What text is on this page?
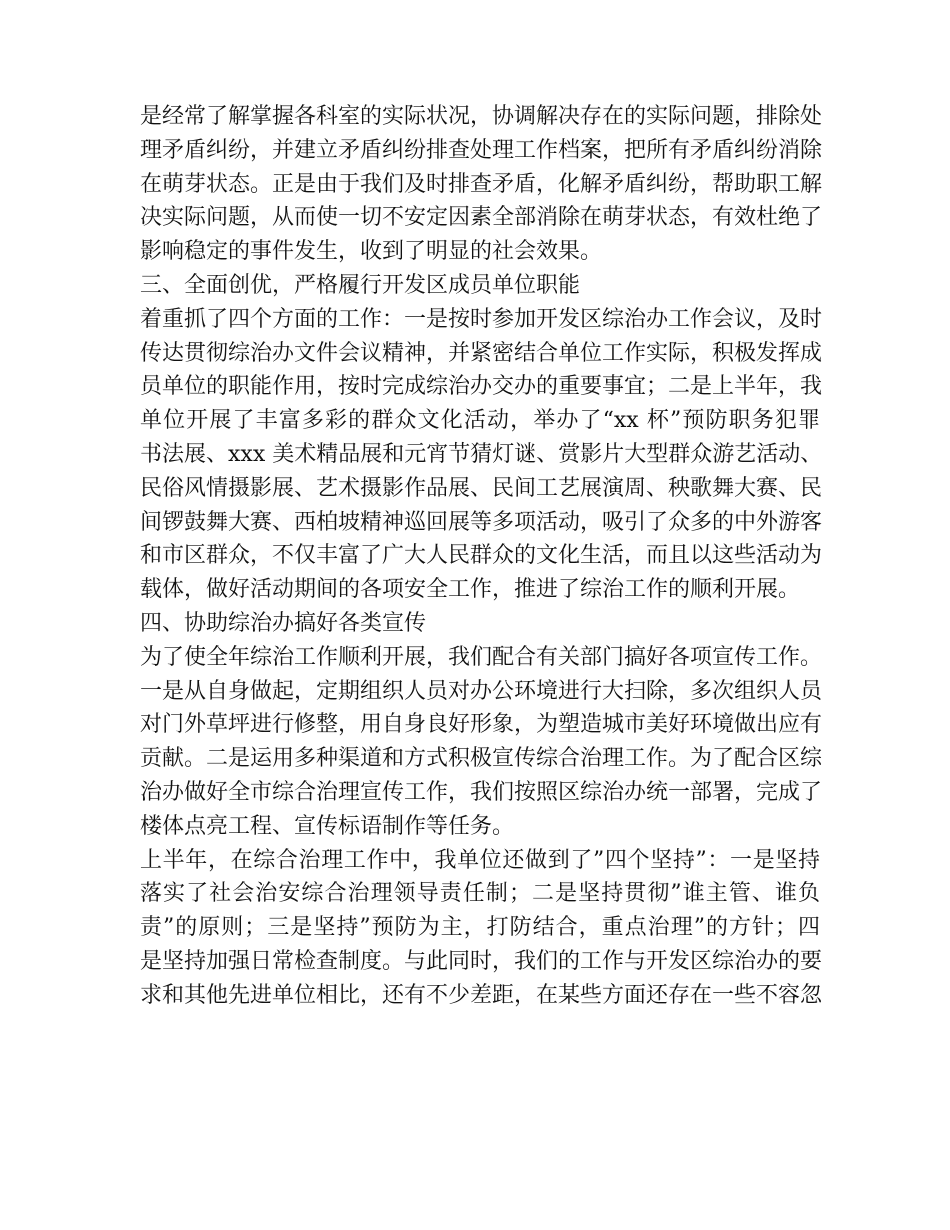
是经常了解掌握各科室的实际状况，协调解决存在的实际问题，排除处

理矛盾纠纷，并建立矛盾纠纷排查处理工作档案，把所有矛盾纠纷消除

在萌芽状态。正是由于我们及时排查矛盾，化解矛盾纠纷，帮助职工解

决实际问题，从而使一切不安定因素全部消除在萌芽状态，有效杜绝了

影响稳定的事件发生，收到了明显的社会效果。

三、全面创优，严格履行开发区成员单位职能

着重抓了四个方面的工作：一是按时参加开发区综治办工作会议，及时

传达贯彻综治办文件会议精神，并紧密结合单位工作实际，积极发挥成

员单位的职能作用，按时完成综治办交办的重要事宜；二是上半年，我

单位开展了丰富多彩的群众文化活动，举办了“xx 杯”预防职务犯罪

书法展、xxx 美术精品展和元宵节猜灯谜、赏影片大型群众游艺活动、

民俗风情摄影展、艺术摄影作品展、民间工艺展演周、秧歌舞大赛、民

间锣鼓舞大赛、西柏坡精神巡回展等多项活动，吸引了众多的中外游客

和市区群众，不仅丰富了广大人民群众的文化生活，而且以这些活动为

载体，做好活动期间的各项安全工作，推进了综治工作的顺利开展。

四、协助综治办搞好各类宣传

为了使全年综治工作顺利开展，我们配合有关部门搞好各项宣传工作。

一是从自身做起，定期组织人员对办公环境进行大扫除，多次组织人员

对门外草坪进行修整，用自身良好形象，为塑造城市美好环境做出应有

贡献。二是运用多种渠道和方式积极宣传综合治理工作。为了配合区综

治办做好全市综合治理宣传工作，我们按照区综治办统一部署，完成了

楼体点亮工程、宣传标语制作等任务。

上半年，在综合治理工作中，我单位还做到了”四个坚持”：一是坚持

落实了社会治安综合治理领导责任制；二是坚持贯彻”谁主管、谁负

责”的原则；三是坚持”预防为主，打防结合，重点治理”的方针；四

是坚持加强日常检查制度。与此同时，我们的工作与开发区综治办的要

求和其他先进单位相比，还有不少差距，在某些方面还存在一些不容忽
